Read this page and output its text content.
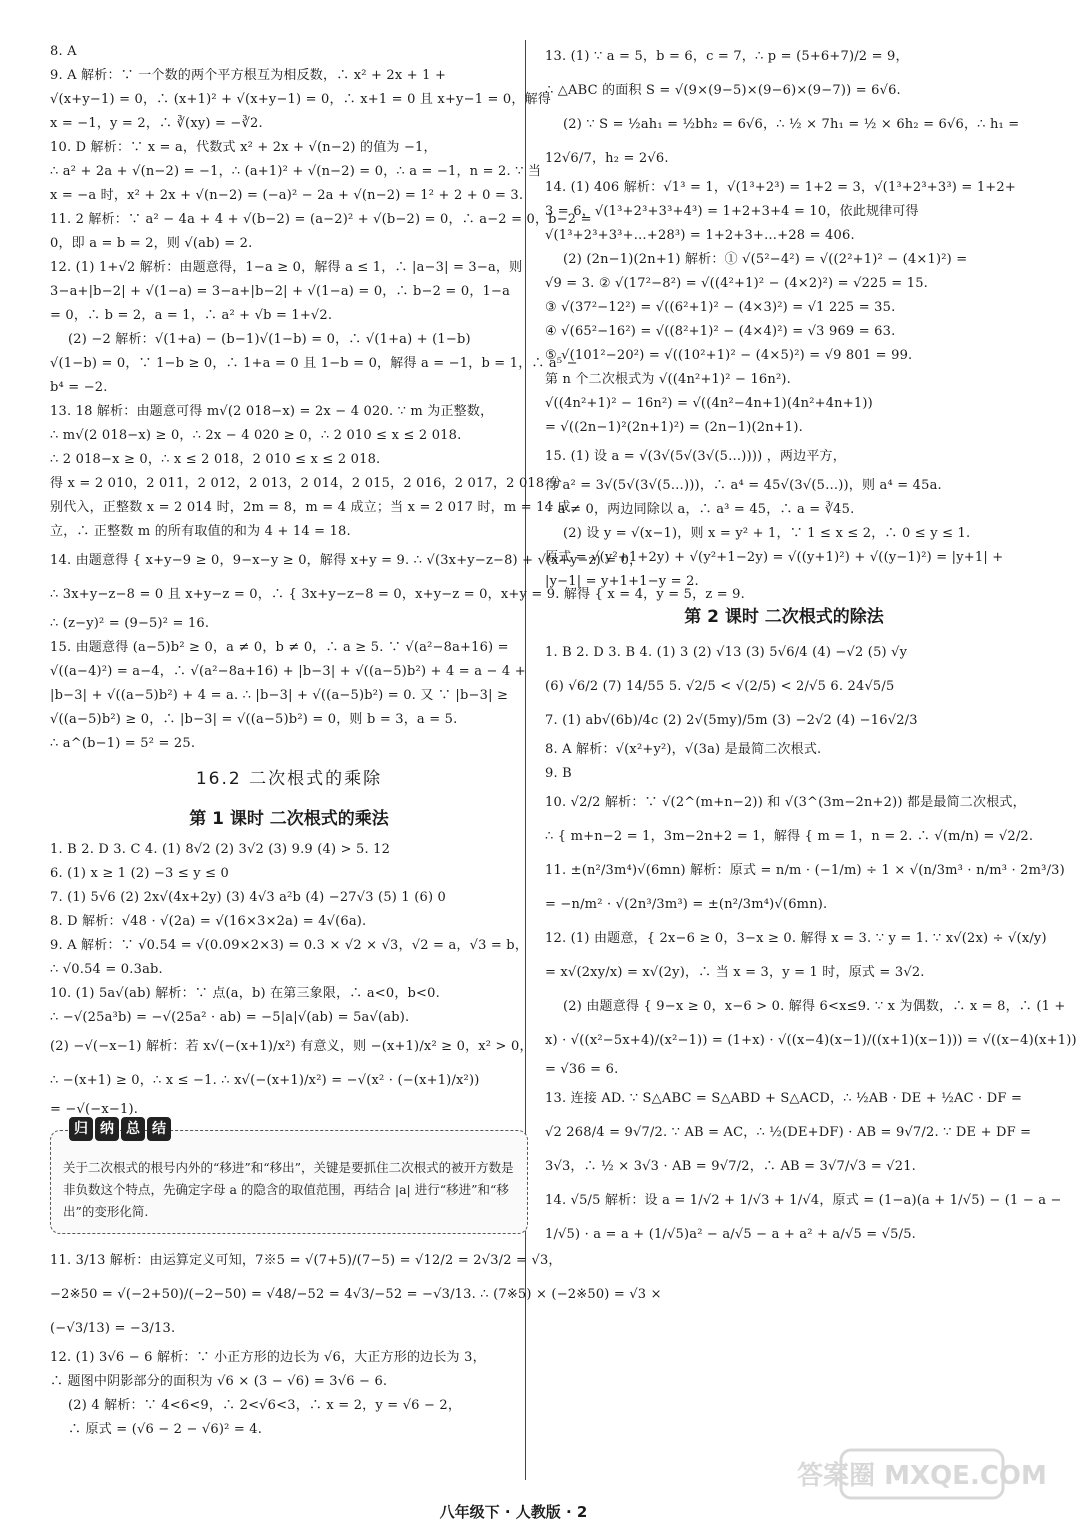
8. A
9. A 解析：∵ 一个数的两个平方根互为相反数，∴ x² + 2x + 1 +
√(x+y−1) = 0，∴ (x+1)² + √(x+y−1) = 0，∴ x+1 = 0 且 x+y−1 = 0，解得
x = −1，y = 2，∴ ∛(xy) = −∛2.
10. D 解析：∵ x = a，代数式 x² + 2x + √(n−2) 的值为 −1，
∴ a² + 2a + √(n−2) = −1，∴ (a+1)² + √(n−2) = 0，∴ a = −1，n = 2. ∵ 当
x = −a 时，x² + 2x + √(n−2) = (−a)² − 2a + √(n−2) = 1² + 2 + 0 = 3.
11. 2 解析：∵ a² − 4a + 4 + √(b−2) = (a−2)² + √(b−2) = 0，∴ a−2 = 0，b−2 =
0，即 a = b = 2，则 √(ab) = 2.
12. (1) 1+√2 解析：由题意得，1−a ≥ 0，解得 a ≤ 1，∴ |a−3| = 3−a，则
3−a+|b−2| + √(1−a) = 3−a+|b−2| + √(1−a) = 0，∴ b−2 = 0，1−a
= 0，∴ b = 2，a = 1，∴ a² + √b = 1+√2.
(2) −2 解析：√(1+a) − (b−1)√(1−b) = 0，∴ √(1+a) + (1−b)
√(1−b) = 0，∵ 1−b ≥ 0，∴ 1+a = 0 且 1−b = 0，解得 a = −1，b = 1，∴ a⁵ −
b⁴ = −2.
13. 18 解析：由题意可得 m√(2 018−x) = 2x − 4 020. ∵ m 为正整数，
∴ m√(2 018−x) ≥ 0，∴ 2x − 4 020 ≥ 0，∴ 2 010 ≤ x ≤ 2 018.
∴ 2 018−x ≥ 0，∴ x ≤ 2 018，2 010 ≤ x ≤ 2 018.
得 x = 2 010，2 011，2 012，2 013，2 014，2 015，2 016，2 017，2 018 分
别代入，正整数 x = 2 014 时，2m = 8，m = 4 成立；当 x = 2 017 时，m = 14 成
立，∴ 正整数 m 的所有取值的和为 4 + 14 = 18.
14. 由题意得 { x+y−9 ≥ 0，9−x−y ≥ 0，解得 x+y = 9. ∴ √(3x+y−z−8) + √(x+y−z) = 0，
∴ 3x+y−z−8 = 0 且 x+y−z = 0，∴ { 3x+y−z−8 = 0，x+y−z = 0，x+y = 9. 解得 { x = 4，y = 5，z = 9.
∴ (z−y)² = (9−5)² = 16.
15. 由题意得 (a−5)b² ≥ 0，a ≠ 0，b ≠ 0，∴ a ≥ 5. ∵ √(a²−8a+16) =
√((a−4)²) = a−4，∴ √(a²−8a+16) + |b−3| + √((a−5)b²) + 4 = a − 4 +
|b−3| + √((a−5)b²) + 4 = a. ∴ |b−3| + √((a−5)b²) = 0. 又 ∵ |b−3| ≥
√((a−5)b²) ≥ 0，∴ |b−3| = √((a−5)b²) = 0，则 b = 3，a = 5.
∴ a^(b−1) = 5² = 25.
16.2 二次根式的乘除
第 1 课时 二次根式的乘法
1. B 2. D 3. C 4. (1) 8√2 (2) 3√2 (3) 9.9 (4) > 5. 12
6. (1) x ≥ 1 (2) −3 ≤ y ≤ 0
7. (1) 5√6 (2) 2x√(4x+2y) (3) 4√3 a²b (4) −27√3 (5) 1 (6) 0
8. D 解析：√48 · √(2a) = √(16×3×2a) = 4√(6a).
9. A 解析：∵ √0.54 = √(0.09×2×3) = 0.3 × √2 × √3，√2 = a，√3 = b，
∴ √0.54 = 0.3ab.
10. (1) 5a√(ab) 解析：∵ 点(a，b) 在第三象限，∴ a<0，b<0.
∴ −√(25a³b) = −√(25a² · ab) = −5|a|√(ab) = 5a√(ab).
(2) −√(−x−1) 解析：若 x√(−(x+1)/x²) 有意义，则 −(x+1)/x² ≥ 0，x² > 0，
∴ −(x+1) ≥ 0，∴ x ≤ −1. ∴ x√(−(x+1)/x²) = −√(x² · (−(x+1)/x²))
= −√(−x−1).
归 纳 总 结
关于二次根式的根号内外的“移进”和“移出”，关键是要抓住二次根式的被开方数是非负数这个特点，先确定字母 a 的隐含的取值范围，再结合 |a| 进行“移进”和“移出”的变形化简.
11. 3/13 解析：由运算定义可知，7※5 = √(7+5)/(7−5) = √12/2 = 2√3/2 = √3，
−2※50 = √(−2+50)/(−2−50) = √48/−52 = 4√3/−52 = −√3/13. ∴ (7※5) × (−2※50) = √3 ×
(−√3/13) = −3/13.
12. (1) 3√6 − 6 解析：∵ 小正方形的边长为 √6，大正方形的边长为 3，
∴ 题图中阴影部分的面积为 √6 × (3 − √6) = 3√6 − 6.
(2) 4 解析：∵ 4<6<9，∴ 2<√6<3，∴ x = 2，y = √6 − 2，
∴ 原式 = (√6 − 2 − √6)² = 4.
13. (1) ∵ a = 5，b = 6，c = 7，∴ p = (5+6+7)/2 = 9，
∴ △ABC 的面积 S = √(9×(9−5)×(9−6)×(9−7)) = 6√6.
(2) ∵ S = ½ah₁ = ½bh₂ = 6√6，∴ ½ × 7h₁ = ½ × 6h₂ = 6√6，∴ h₁ =
12√6/7，h₂ = 2√6.
14. (1) 406 解析：√1³ = 1，√(1³+2³) = 1+2 = 3，√(1³+2³+3³) = 1+2+
3 = 6，√(1³+2³+3³+4³) = 1+2+3+4 = 10，依此规律可得
√(1³+2³+3³+…+28³) = 1+2+3+…+28 = 406.
(2) (2n−1)(2n+1) 解析：① √(5²−4²) = √((2²+1)² − (4×1)²) =
√9 = 3. ② √(17²−8²) = √((4²+1)² − (4×2)²) = √225 = 15.
③ √(37²−12²) = √((6²+1)² − (4×3)²) = √1 225 = 35.
④ √(65²−16²) = √((8²+1)² − (4×4)²) = √3 969 = 63.
⑤ √(101²−20²) = √((10²+1)² − (4×5)²) = √9 801 = 99.
第 n 个二次根式为 √((4n²+1)² − 16n²).
√((4n²+1)² − 16n²) = √((4n²−4n+1)(4n²+4n+1))
= √((2n−1)²(2n+1)²) = (2n−1)(2n+1).
15. (1) 设 a = √(3√(5√(3√(5…)))) ，两边平方，
得 a² = 3√(5√(3√(5…)))，∴ a⁴ = 45√(3√(5…))，则 a⁴ = 45a.
∵ a ≠ 0，两边同除以 a，∴ a³ = 45，∴ a = ∛45.
(2) 设 y = √(x−1)，则 x = y² + 1，∵ 1 ≤ x ≤ 2，∴ 0 ≤ y ≤ 1.
原式 = √(y²+1+2y) + √(y²+1−2y) = √((y+1)²) + √((y−1)²) = |y+1| +
|y−1| = y+1+1−y = 2.
第 2 课时 二次根式的除法
1. B 2. D 3. B 4. (1) 3 (2) √13 (3) 5√6/4 (4) −√2 (5) √y
(6) √6/2 (7) 14/55 5. √2/5 < √(2/5) < 2/√5 6. 24√5/5
7. (1) ab√(6b)/4c (2) 2√(5my)/5m (3) −2√2 (4) −16√2/3
8. A 解析：√(x²+y²)，√(3a) 是最简二次根式.
9. B
10. √2/2 解析：∵ √(2^(m+n−2)) 和 √(3^(3m−2n+2)) 都是最简二次根式，
∴ { m+n−2 = 1，3m−2n+2 = 1，解得 { m = 1，n = 2. ∴ √(m/n) = √2/2.
11. ±(n²/3m⁴)√(6mn) 解析：原式 = n/m · (−1/m) ÷ 1 × √(n/3m³ · n/m³ · 2m³/3)
= −n/m² · √(2n³/3m³) = ±(n²/3m⁴)√(6mn).
12. (1) 由题意，{ 2x−6 ≥ 0，3−x ≥ 0. 解得 x = 3. ∵ y = 1. ∵ x√(2x) ÷ √(x/y)
= x√(2xy/x) = x√(2y)，∴ 当 x = 3，y = 1 时，原式 = 3√2.
(2) 由题意得 { 9−x ≥ 0，x−6 > 0. 解得 6<x≤9. ∵ x 为偶数，∴ x = 8，∴ (1 +
x) · √((x²−5x+4)/(x²−1)) = (1+x) · √((x−4)(x−1)/((x+1)(x−1))) = √((x−4)(x+1))
= √36 = 6.
13. 连接 AD. ∵ S△ABC = S△ABD + S△ACD，∴ ½AB · DE + ½AC · DF =
√2 268/4 = 9√7/2. ∵ AB = AC，∴ ½(DE+DF) · AB = 9√7/2. ∵ DE + DF =
3√3，∴ ½ × 3√3 · AB = 9√7/2，∴ AB = 3√7/√3 = √21.
14. √5/5 解析：设 a = 1/√2 + 1/√3 + 1/√4，原式 = (1−a)(a + 1/√5) − (1 − a −
1/√5) · a = a + (1/√5)a² − a/√5 − a + a² + a/√5 = √5/5.
八年级下 · 人教版 · 2
答案圈 MXQE.COM
